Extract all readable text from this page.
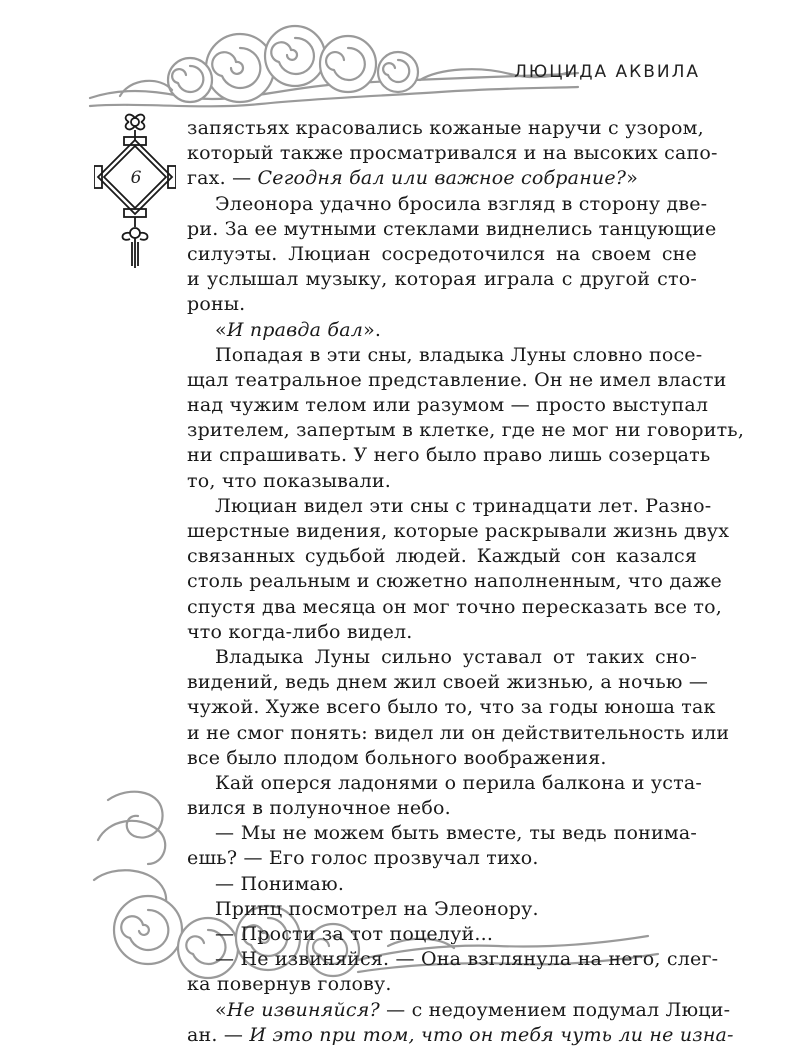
ЛЮЦИДА АКВИЛА
6
запястьях красовались кожаные наручи с узором,
который также просматривался и на высоких сапо-
гах. — Сегодня бал или важное собрание?»
Элеонора удачно бросила взгляд в сторону две-
ри. За ее мутными стеклами виднелись танцующие
силуэты. Люциан сосредоточился на своем сне
и услышал музыку, которая играла с другой сто-
роны.
«И правда бал».
Попадая в эти сны, владыка Луны словно посе-
щал театральное представление. Он не имел власти
над чужим телом или разумом — просто выступал
зрителем, запертым в клетке, где не мог ни говорить,
ни спрашивать. У него было право лишь созерцать
то, что показывали.
Люциан видел эти сны с тринадцати лет. Разно-
шерстные видения, которые раскрывали жизнь двух
связанных судьбой людей. Каждый сон казался
столь реальным и сюжетно наполненным, что даже
спустя два месяца он мог точно пересказать все то,
что когда-либо видел.
Владыка Луны сильно уставал от таких сно-
видений, ведь днем жил своей жизнью, а ночью —
чужой. Хуже всего было то, что за годы юноша так
и не смог понять: видел ли он действительность или
все было плодом больного воображения.
Кай оперся ладонями о перила балкона и уста-
вился в полуночное небо.
— Мы не можем быть вместе, ты ведь понима-
ешь? — Его голос прозвучал тихо.
— Понимаю.
Принц посмотрел на Элеонору.
— Прости за тот поцелуй...
— Не извиняйся. — Она взглянула на него, слег-
ка повернув голову.
«Не извиняйся? — с недоумением подумал Люци-
ан. — И это при том, что он тебя чуть ли не изна-
